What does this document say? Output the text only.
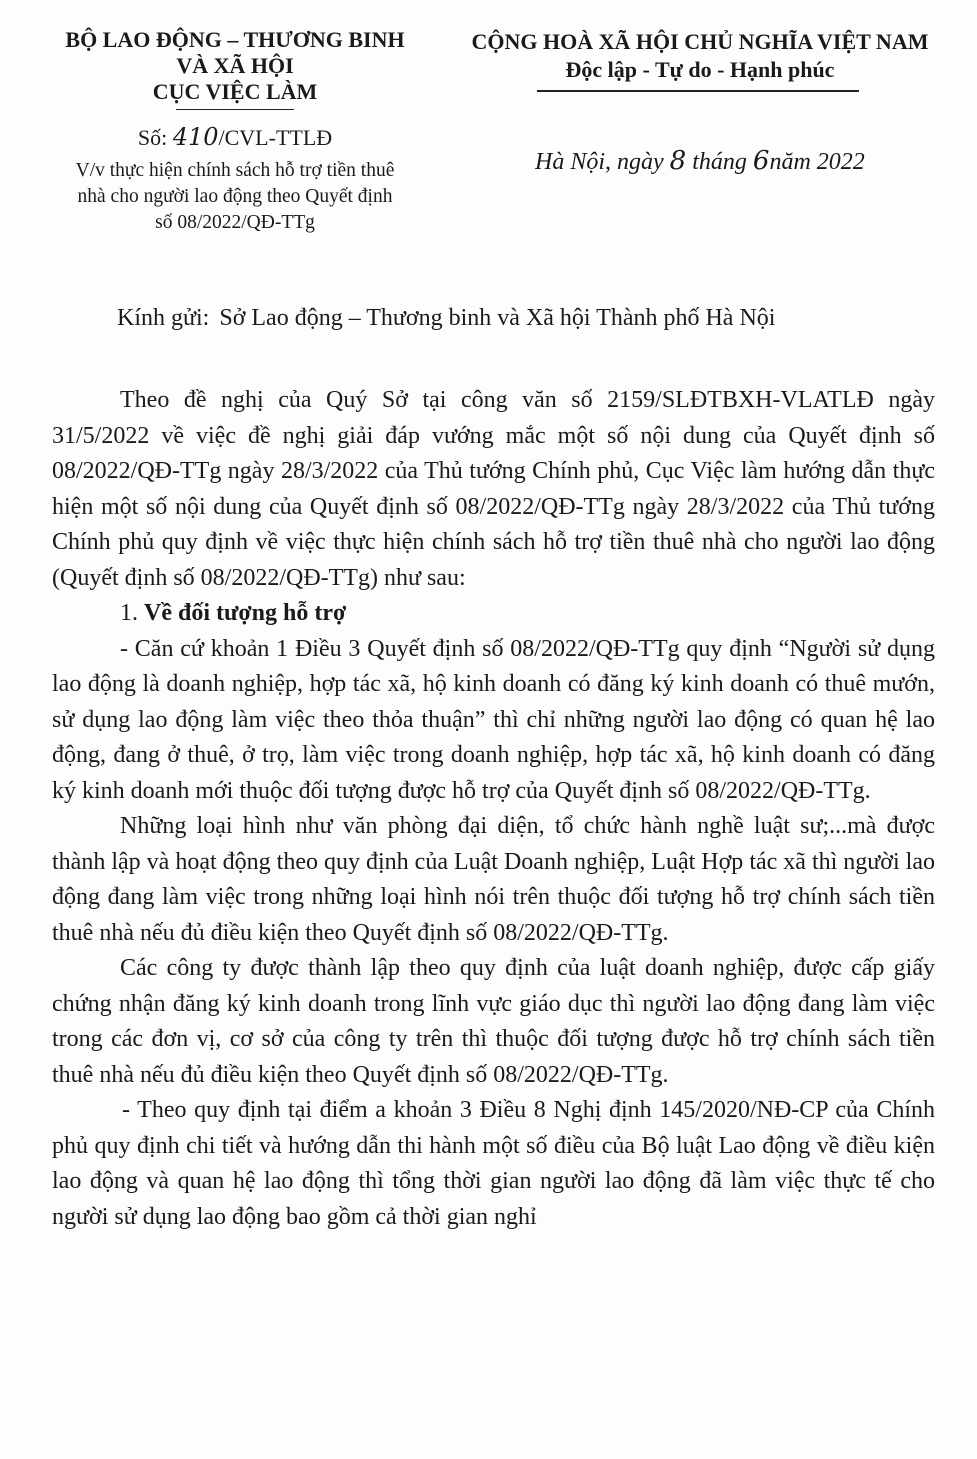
BỘ LAO ĐỘNG – THƯƠNG BINH
VÀ XÃ HỘI
CỤC VIỆC LÀM
Số: 410/CVL-TTLĐ
V/v thực hiện chính sách hỗ trợ tiền thuê
nhà cho người lao động theo Quyết định
số 08/2022/QĐ-TTg
CỘNG HOÀ XÃ HỘI CHỦ NGHĨA VIỆT NAM
Độc lập - Tự do - Hạnh phúc
Hà Nội, ngày 8 tháng 6năm 2022
Kính gửi: Sở Lao động – Thương binh và Xã hội Thành phố Hà Nội

Theo đề nghị của Quý Sở tại công văn số 2159/SLĐTBXH-VLATLĐ ngày 31/5/2022 về việc đề nghị giải đáp vướng mắc một số nội dung của Quyết định số 08/2022/QĐ-TTg ngày 28/3/2022 của Thủ tướng Chính phủ, Cục Việc làm hướng dẫn thực hiện một số nội dung của Quyết định số 08/2022/QĐ-TTg ngày 28/3/2022 của Thủ tướng Chính phủ quy định về việc thực hiện chính sách hỗ trợ tiền thuê nhà cho người lao động (Quyết định số 08/2022/QĐ-TTg) như sau:

1. Về đối tượng hỗ trợ

- Căn cứ khoản 1 Điều 3 Quyết định số 08/2022/QĐ-TTg quy định “Người sử dụng lao động là doanh nghiệp, hợp tác xã, hộ kinh doanh có đăng ký kinh doanh có thuê mướn, sử dụng lao động làm việc theo thỏa thuận” thì chỉ những người lao động có quan hệ lao động, đang ở thuê, ở trọ, làm việc trong doanh nghiệp, hợp tác xã, hộ kinh doanh có đăng ký kinh doanh mới thuộc đối tượng được hỗ trợ của Quyết định số 08/2022/QĐ-TTg.

Những loại hình như văn phòng đại diện, tổ chức hành nghề luật sư;...mà được thành lập và hoạt động theo quy định của Luật Doanh nghiệp, Luật Hợp tác xã thì người lao động đang làm việc trong những loại hình nói trên thuộc đối tượng hỗ trợ chính sách tiền thuê nhà nếu đủ điều kiện theo Quyết định số 08/2022/QĐ-TTg.

Các công ty được thành lập theo quy định của luật doanh nghiệp, được cấp giấy chứng nhận đăng ký kinh doanh trong lĩnh vực giáo dục thì người lao động đang làm việc trong các đơn vị, cơ sở của công ty trên thì thuộc đối tượng được hỗ trợ chính sách tiền thuê nhà nếu đủ điều kiện theo Quyết định số 08/2022/QĐ-TTg.

- Theo quy định tại điểm a khoản 3 Điều 8 Nghị định 145/2020/NĐ-CP của Chính phủ quy định chi tiết và hướng dẫn thi hành một số điều của Bộ luật Lao động về điều kiện lao động và quan hệ lao động thì tổng thời gian người lao động đã làm việc thực tế cho người sử dụng lao động bao gồm cả thời gian nghỉ
